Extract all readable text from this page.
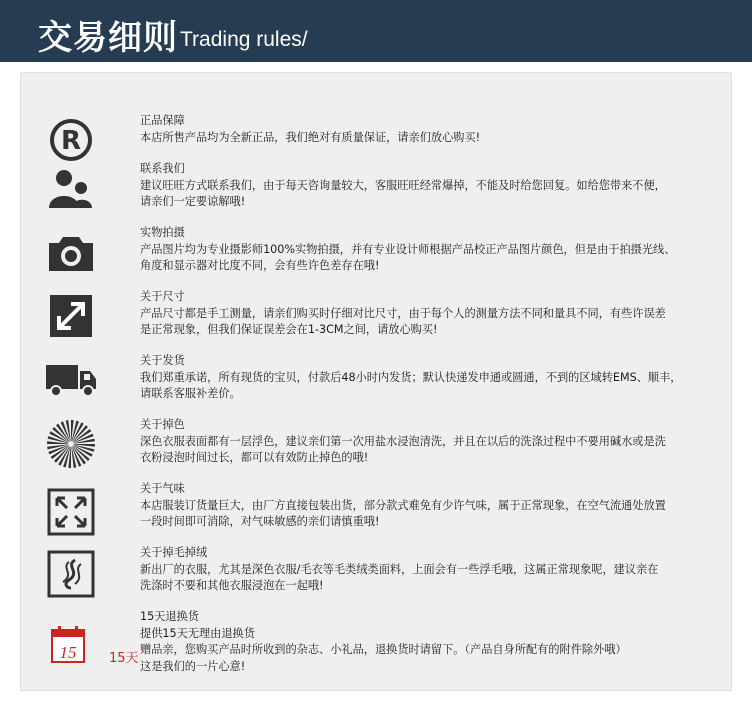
交易细则 Trading rules/
R
正品保障
本店所售产品均为全新正品，我们绝对有质量保证，请亲们放心购买!
联系我们
建议旺旺方式联系我们，由于每天咨询量较大，客服旺旺经常爆掉，不能及时给您回复。如给您带来不便，
请亲们一定要谅解哦!
实物拍摄
产品图片均为专业摄影师100%实物拍摄，并有专业设计师根据产品校正产品图片颜色，但是由于拍摄光线、
角度和显示器对比度不同，会有些许色差存在哦!
关于尺寸
产品尺寸都是手工测量，请亲们购买时仔细对比尺寸，由于每个人的测量方法不同和量具不同，有些许误差
是正常现象，但我们保证误差会在1-3CM之间，请放心购买!
关于发货
我们郑重承诺，所有现货的宝贝，付款后48小时内发货；默认快递发申通或圆通，不到的区域转EMS、顺丰，
请联系客服补差价。
关于掉色
深色衣服表面都有一层浮色，建议亲们第一次用盐水浸泡清洗，并且在以后的洗涤过程中不要用碱水或是洗
衣粉浸泡时间过长，都可以有效防止掉色的哦!
关于气味
本店服装订货量巨大，由厂方直接包装出货，部分款式难免有少许气味，属于正常现象，在空气流通处放置
一段时间即可消除，对气味敏感的亲们请慎重哦!
关于掉毛掉绒
新出厂的衣服，尤其是深色衣服/毛衣等毛类绒类面料，上面会有一些浮毛哦，这属正常现象呢，建议亲在
洗涤时不要和其他衣服浸泡在一起哦!
15
15天退换货
提供15天无理由退换货
赠品亲，您购买产品时所收到的杂志、小礼品，退换货时请留下。（产品自身所配有的附件除外哦）
这是我们的一片心意!
15天
szqjqa.1688.com
